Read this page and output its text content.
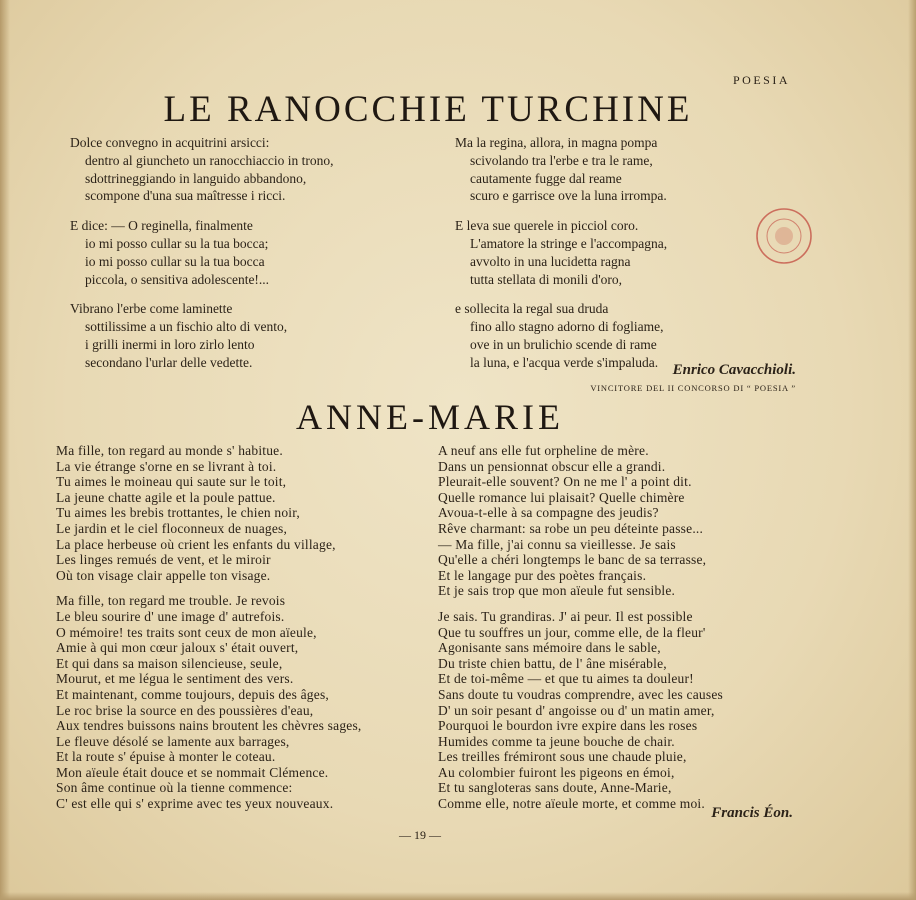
POESIA
LE RANOCCHIE TURCHINE
Dolce convegno in acquitrini arsicci:
dentro al giuncheto un ranocchiaccio in trono,
sdottrineggiando in languido abbandono,
scompone d'una sua maîtresse i ricci.
E dice: — O reginella, finalmente
io mi posso cullar su la tua bocca;
io mi posso cullar su la tua bocca
piccola, o sensitiva adolescente!...
Vibrano l'erbe come laminette
sottilissime a un fischio alto di vento,
i grilli inermi in loro zirlo lento
secondano l'urlar delle vedette.
Ma la regina, allora, in magna pompa
scivolando tra l'erbe e tra le rame,
cautamente fugge dal reame
scuro e garrisce ove la luna irrompa.
E leva sue querele in picciol coro.
L'amatore la stringe e l'accompagna,
avvolto in una lucidetta ragna
tutta stellata di monili d'oro,
e sollecita la regal sua druda
fino allo stagno adorno di fogliame,
ove in un brulichio scende di rame
la luna, e l'acqua verde s'impaluda. Enrico Cavacchioli.
VINCITORE DEL II CONCORSO DI “ POESIA ”
ANNE-MARIE
Ma fille, ton regard au monde s' habitue.
La vie étrange s'orne en se livrant à toi.
Tu aimes le moineau qui saute sur le toit,
La jeune chatte agile et la poule pattue.
Tu aimes les brebis trottantes, le chien noir,
Le jardin et le ciel floconneux de nuages,
La place herbeuse où crient les enfants du village,
Les linges remués de vent, et le miroir
Où ton visage clair appelle ton visage.
Ma fille, ton regard me trouble. Je revois
Le bleu sourire d' une image d' autrefois.
O mémoire! tes traits sont ceux de mon aïeule,
Amie à qui mon cœur jaloux s' était ouvert,
Et qui dans sa maison silencieuse, seule,
Mourut, et me légua le sentiment des vers.
Et maintenant, comme toujours, depuis des âges,
Le roc brise la source en des poussières d'eau,
Aux tendres buissons nains broutent les chèvres sages,
Le fleuve désolé se lamente aux barrages,
Et la route s' épuise à monter le coteau.
Mon aïeule était douce et se nommait Clémence.
Son âme continue où la tienne commence:
C' est elle qui s' exprime avec tes yeux nouveaux.
A neuf ans elle fut orpheline de mère.
Dans un pensionnat obscur elle a grandi.
Pleurait-elle souvent? On ne me l' a point dit.
Quelle romance lui plaisait? Quelle chimère
Avoua-t-elle à sa compagne des jeudis?
Rêve charmant: sa robe un peu déteinte passe...
— Ma fille, j'ai connu sa vieillesse. Je sais
Qu'elle a chéri longtemps le banc de sa terrasse,
Et le langage pur des poètes français.
Et je sais trop que mon aïeule fut sensible.
Je sais. Tu grandiras. J' ai peur. Il est possible
Que tu souffres un jour, comme elle, de la fleur'
Agonisante sans mémoire dans le sable,
Du triste chien battu, de l' âne misérable,
Et de toi-même — et que tu aimes ta douleur!
Sans doute tu voudras comprendre, avec les causes
D' un soir pesant d' angoisse ou d' un matin amer,
Pourquoi le bourdon ivre expire dans les roses
Humides comme ta jeune bouche de chair.
Les treilles frémiront sous une chaude pluie,
Au colombier fuiront les pigeons en émoi,
Et tu sangloteras sans doute, Anne-Marie,
Comme elle, notre aïeule morte, et comme moi.
Francis Éon.
— 19 —
